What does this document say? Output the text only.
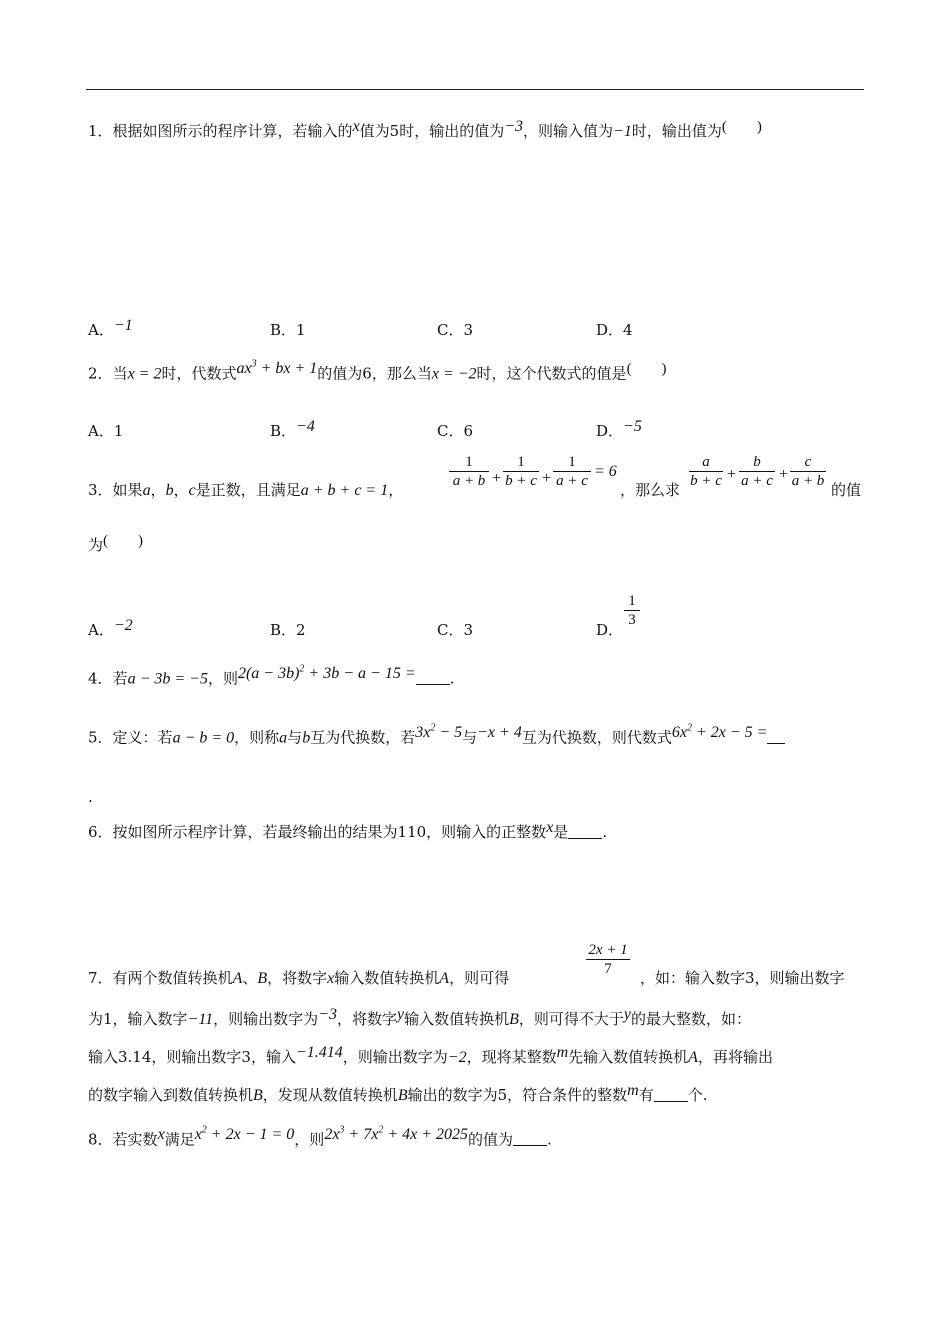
1．根据如图所示的程序计算，若输入的x值为5时，输出的值为−3，则输入值为−1时，输出值为(        )
A．−1	B．1	C．3	D．4
2．当x = 2时，代数式$ax^3$ + bx + 1的值为6，那么当x = −2时，这个代数式的值是(        )
A．1	B．−4	C．6	D．−5
3．如果a，b，c是正数，且满足a + b + c = 1，
1
a + b +
1
b + c +
1
a + c
= 6
，那么求
a
b + c +
b
a + c +
c
a + b 的值
为(        )
A．−2	B．2	C．3	D．
1
3
4．若a − 3b = −5，则$2(a - 3b)^2 + 3b - a - 15$ = .
5．定义：若a − b = 0，则称a与b互为代换数，若$3x^2 - 5$与−x + 4互为代换数，则代数式$6x^2 + 2x - 5$ =
.
6．按如图所示程序计算，若最终输出的结果为110，则输入的正整数x是 .
7．有两个数值转换机A、B，将数字x输入数值转换机A，则可得
2x + 1
7	，如：输入数字3，则输出数字
为1，输入数字−11，则输出数字为−3，将数字y输入数值转换机B，则可得不大于y的最大整数，如：
输入3.14，则输出数字3，输入−1.414，则输出数字为−2，现将某整数m先输入数值转换机A，再将输出
的数字输入到数值转换机B，发现从数值转换机B输出的数字为5，符合条件的整数m有 个.
8．若实数x满足$x^2 + 2x - 1 = 0$，则$2x^3 + 7x^2 + 4x + 2025$的值为 .
